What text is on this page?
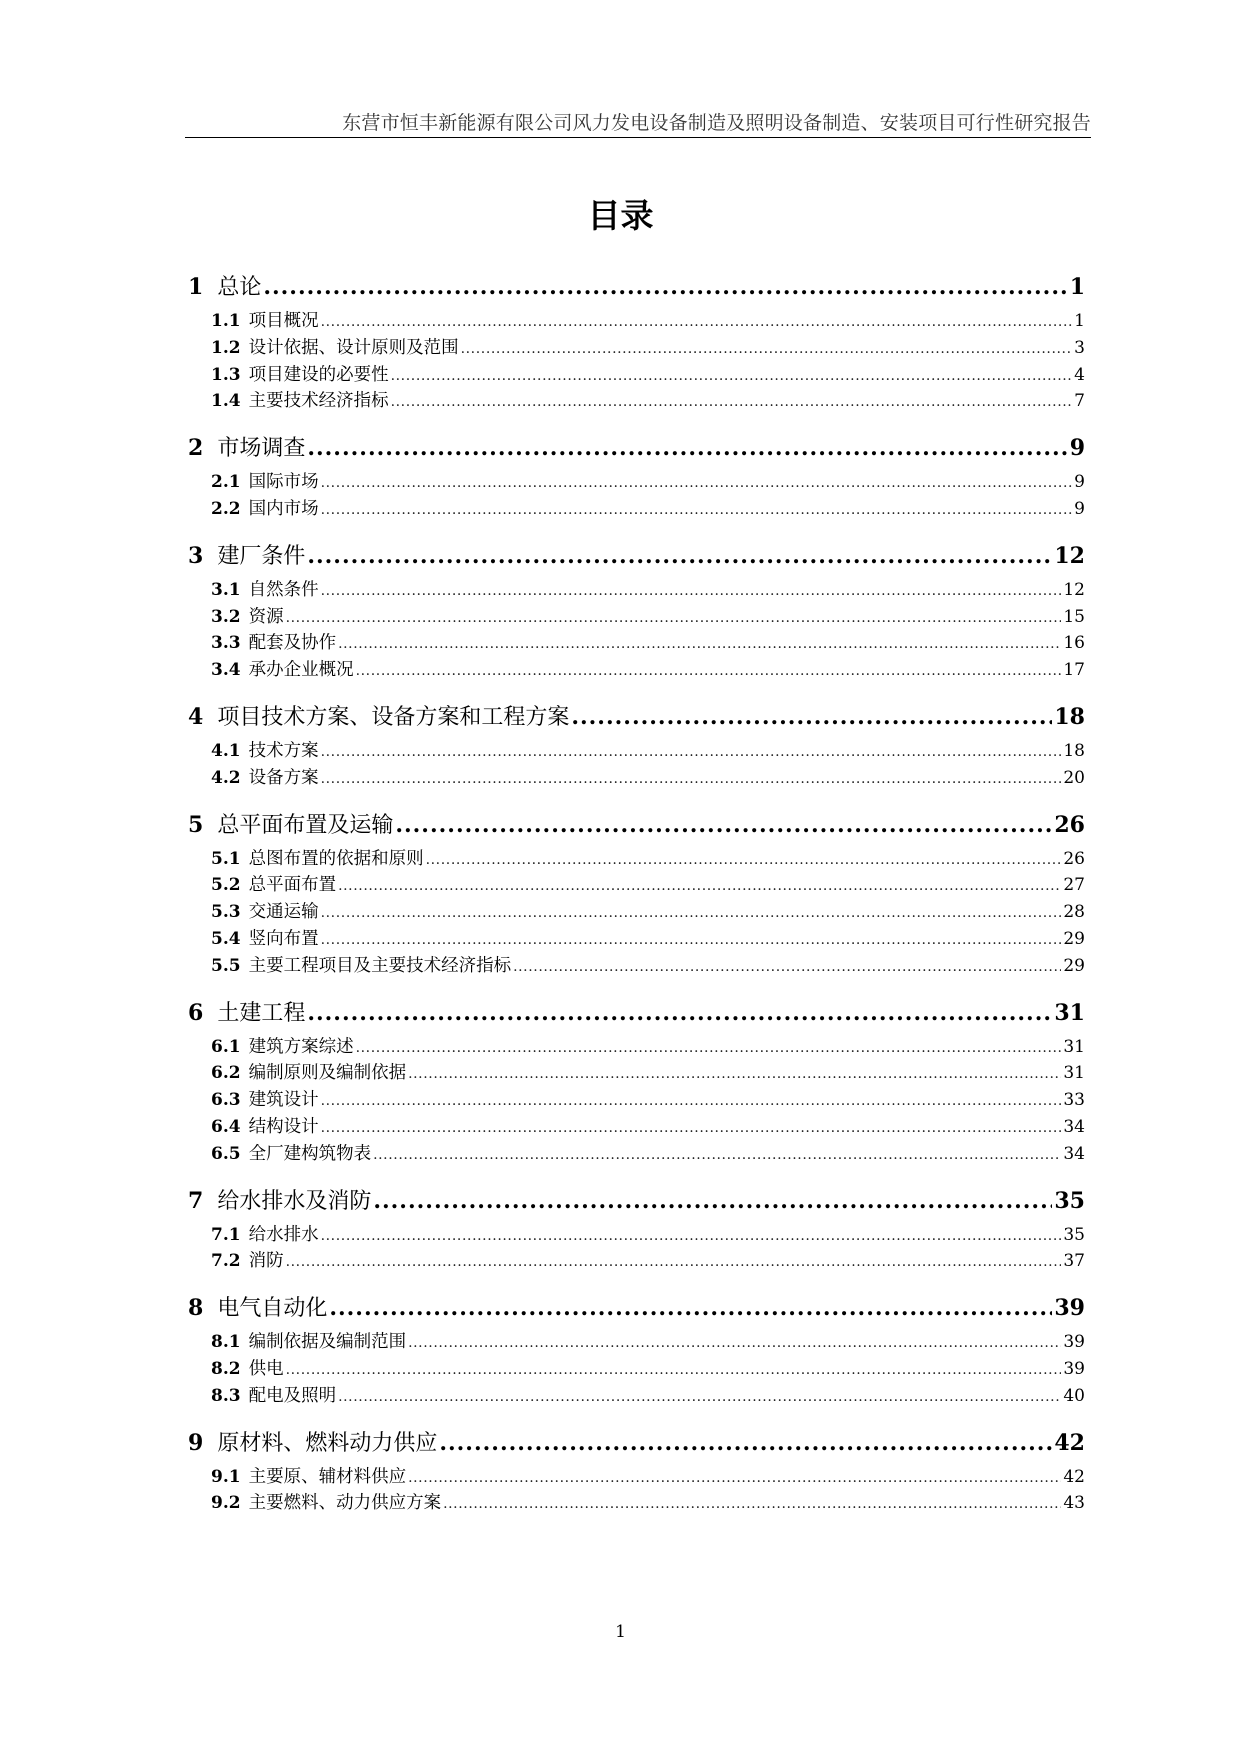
东营市恒丰新能源有限公司风力发电设备制造及照明设备制造、安装项目可行性研究报告
目录
1 总论 .....	1
1.1 项目概况 .....	1
1.2 设计依据、设计原则及范围 .....	3
1.3 项目建设的必要性 .....	4
1.4 主要技术经济指标 .....	7
2 市场调查 .....	9
2.1 国际市场 .....	9
2.2 国内市场 .....	9
3 建厂条件 .....	12
3.1 自然条件 .....	12
3.2 资源 .....	15
3.3 配套及协作 .....	16
3.4 承办企业概况 .....	17
4 项目技术方案、设备方案和工程方案 .....	18
4.1 技术方案 .....	18
4.2 设备方案 .....	20
5 总平面布置及运输 .....	26
5.1 总图布置的依据和原则 .....	26
5.2 总平面布置 .....	27
5.3 交通运输 .....	28
5.4 竖向布置 .....	29
5.5 主要工程项目及主要技术经济指标 .....	29
6 土建工程 .....	31
6.1 建筑方案综述 .....	31
6.2 编制原则及编制依据 .....	31
6.3 建筑设计 .....	33
6.4 结构设计 .....	34
6.5 全厂建构筑物表 .....	34
7 给水排水及消防 .....	35
7.1 给水排水 .....	35
7.2 消防 .....	37
8 电气自动化 .....	39
8.1 编制依据及编制范围 .....	39
8.2 供电 .....	39
8.3 配电及照明 .....	40
9 原材料、燃料动力供应 .....	42
9.1 主要原、辅材料供应 .....	42
9.2 主要燃料、动力供应方案 .....	43
1
